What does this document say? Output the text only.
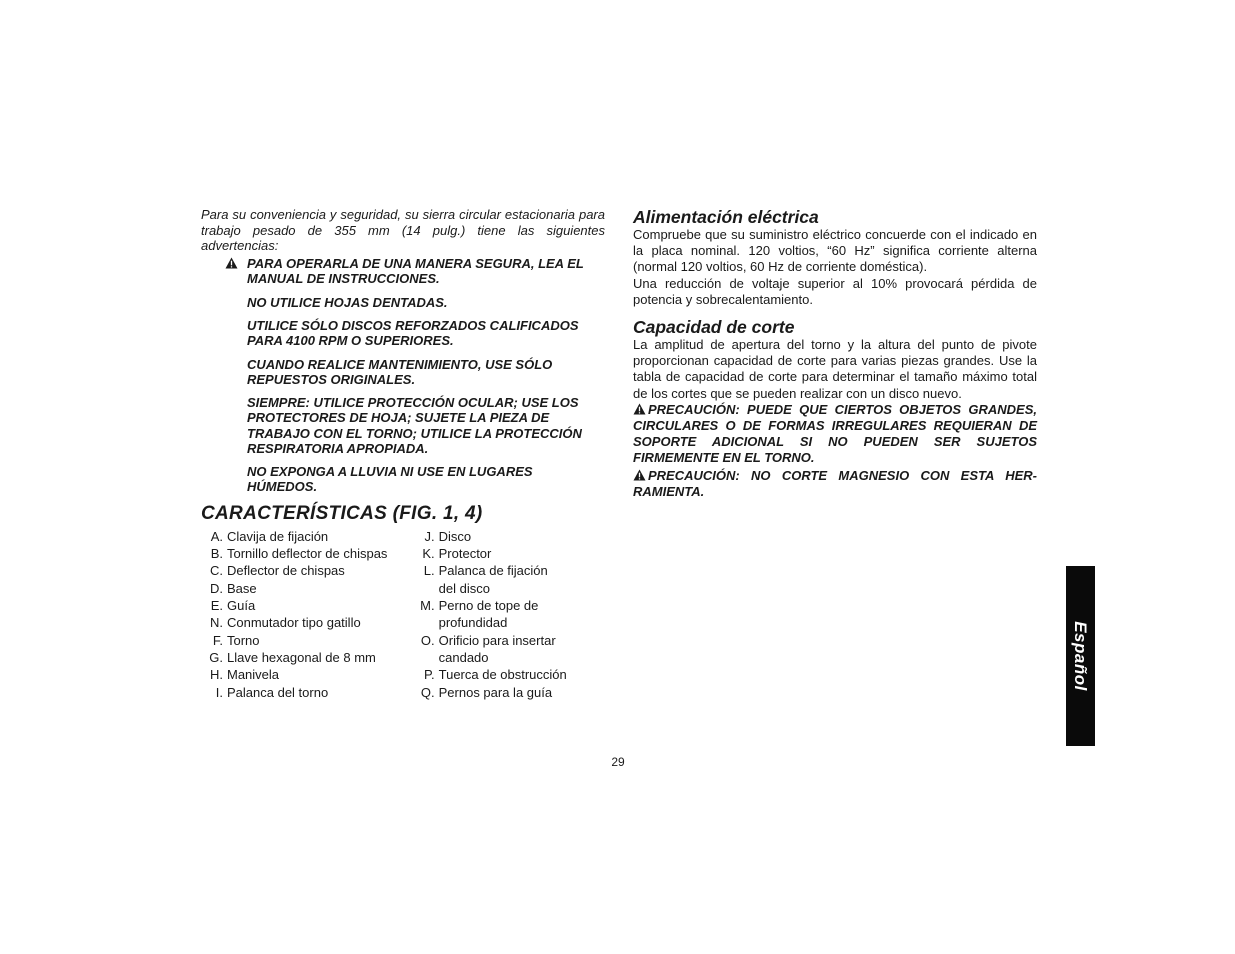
Para su conveniencia y seguridad, su sierra circular estacionaria para trabajo pesado de 355 mm (14 pulg.) tiene las siguientes advertencias:

PARA OPERARLA DE UNA MANERA SEGURA, LEA EL MANUAL DE INSTRUCCIONES.
NO UTILICE HOJAS DENTADAS.
UTILICE SÓLO DISCOS REFORZADOS CALIFICADOS PARA 4100 RPM O SUPERIORES.
CUANDO REALICE MANTENIMIENTO, USE SÓLO REPUESTOS ORIGINALES.
SIEMPRE: UTILICE PROTECCIÓN OCULAR; USE LOS PROTECTORES DE HOJA; SUJETE LA PIEZA DE TRABAJO CON EL TORNO; UTILICE LA PROTECCIÓN RESPIRATORIA APROPIADA.
NO EXPONGA A LLUVIA NI USE EN LUGARES HÚMEDOS.
CARACTERÍSTICAS (FIG. 1, 4)
A. Clavija de fijación
B. Tornillo deflector de chispas
C. Deflector de chispas
D. Base
E. Guía
N. Conmutador tipo gatillo
F. Torno
G. Llave hexagonal de 8 mm
H. Manivela
I. Palanca del torno
J. Disco
K. Protector
L. Palanca de fijación
del disco
M. Perno de tope de
profundidad
O. Orificio para insertar
candado
P. Tuerca de obstrucción
Q. Pernos para la guía
Alimentación eléctrica

Compruebe que su suministro eléctrico concuerde con el indicado en la placa nominal. 120 voltios, “60 Hz” significa corriente alterna (normal 120 voltios, 60 Hz de corriente doméstica).

Una reducción de voltaje superior al 10% provocará pérdida de potencia y sobrecalentamiento.

Capacidad de corte

La amplitud de apertura del torno y la altura del punto de pivote proporcionan capacidad de corte para varias piezas grandes. Use la tabla de capacidad de corte para determinar el tamaño máximo total de los cortes que se pueden realizar con un disco nuevo.

PRECAUCIÓN: PUEDE QUE CIERTOS OBJETOS GRANDES, CIRCULARES O DE FORMAS IRREGULARES REQUIERAN DE SOPORTE ADICIONAL SI NO PUEDEN SER SUJETOS FIRMEMENTE EN EL TORNO.

PRECAUCIÓN: NO CORTE MAGNESIO CON ESTA HER-RAMIENTA.

29
Español
